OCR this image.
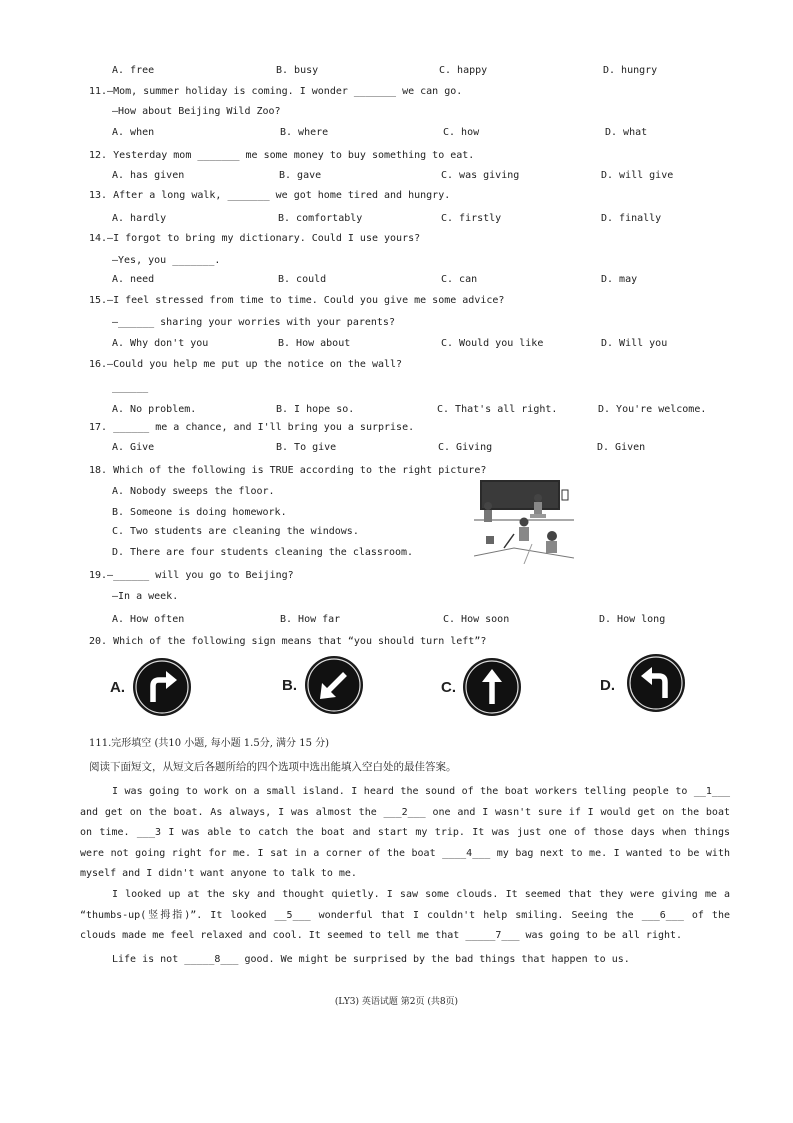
A. free	B. busy	C. happy	D. hungry
11.—Mom, summer holiday is coming. I wonder _______ we can go.
—How about Beijing Wild Zoo?
A. when	B. where	C. how	D. what
12. Yesterday mom _______ me some money to buy something to eat.
A. has given	B. gave	C. was giving	D. will give
13. After a long walk, _______ we got home tired and hungry.
A. hardly	B. comfortably	C. firstly	D. finally
14.—I forgot to bring my dictionary. Could I use yours?
—Yes, you _______.
A. need	B. could	C. can	D. may
15.—I feel stressed from time to time. Could you give me some advice?
—______ sharing your worries with your parents?
A. Why don't you	B. How about	C. Would you like	D. Will you
16.—Could you help me put up the notice on the wall?
______
A. No problem.	B. I hope so.	C. That's all right.	D. You're welcome.
17. ______ me a chance, and I'll bring you a surprise.
A. Give	B. To give	C. Giving	D. Given
18. Which of the following is TRUE according to the right picture?
A. Nobody sweeps the floor.
B. Someone is doing homework.
C. Two students are cleaning the windows.
D. There are four students cleaning the classroom.
19.—______ will you go to Beijing?
—In a week.
A. How often	B. How far	C. How soon	D. How long
20. Which of the following sign means that “you should turn left”?
A.	B.	C.	D.
111.完形填空 (共10 小题, 每小题 1.5分, 满分 15 分)
阅读下面短文，从短文后各题所给的四个选项中选出能填入空白处的最佳答案。
I was going to work on a small island. I heard the sound of the boat workers telling people to __1___ and get on the boat. As always, I was almost the ___2___ one and I wasn't sure if I would get on the boat on time. ___3 I was able to catch the boat and start my trip. It was just one of those days when things were not going right for me. I sat in a corner of the boat ____4___ my bag next to me. I wanted to be with myself and I didn't want anyone to talk to me.
I looked up at the sky and thought quietly. I saw some clouds. It seemed that they were giving me a “thumbs-up(竖拇指)”. It looked __5___ wonderful that I couldn't help smiling. Seeing the ___6___ of the clouds made me feel relaxed and cool. It seemed to tell me that _____7___ was going to be all right.
Life is not _____8___ good. We might be surprised by the bad things that happen to us.
(LY3) 英语试题 第2页 (共8页)
